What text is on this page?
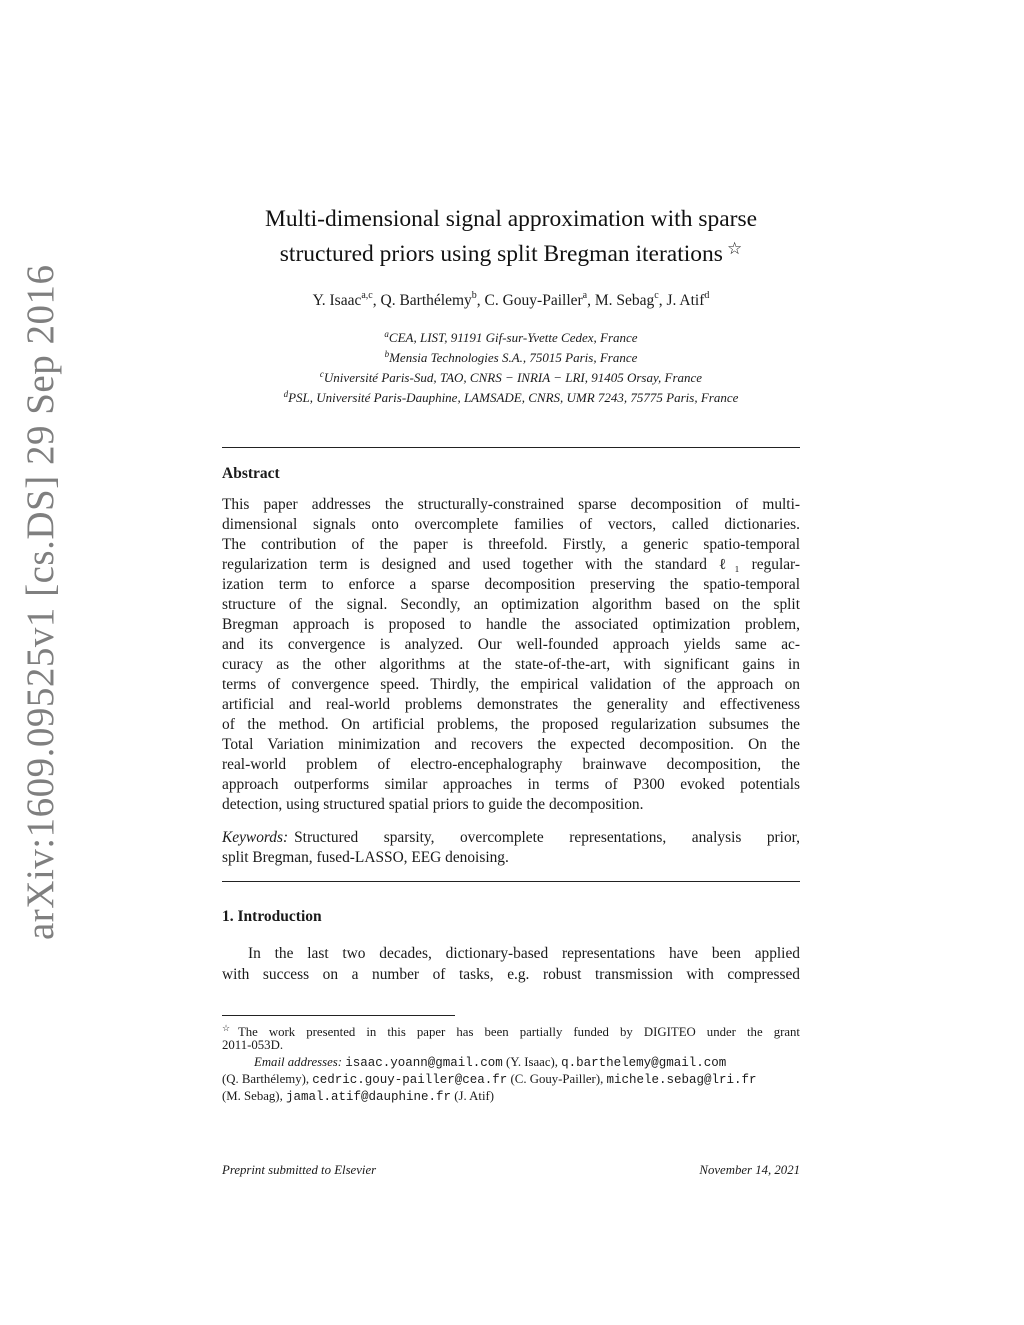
arXiv:1609.09525v1 [cs.DS] 29 Sep 2016
Multi-dimensional signal approximation with sparse
structured priors using split Bregman iterations ☆
Y. Isaac$^{a,c}$, Q. Barthélemy$^b$, C. Gouy-Pailler$^a$, M. Sebag$^c$, J. Atif$^d$
$^a$CEA, LIST, 91191 Gif-sur-Yvette Cedex, France
$^b$Mensia Technologies S.A., 75015 Paris, France
$^c$Université Paris-Sud, TAO, CNRS − INRIA − LRI, 91405 Orsay, France
$^d$PSL, Université Paris-Dauphine, LAMSADE, CNRS, UMR 7243, 75775 Paris, France
Abstract
This paper addresses the structurally-constrained sparse decomposition of multi-
dimensional signals onto overcomplete families of vectors, called dictionaries.
The contribution of the paper is threefold. Firstly, a generic spatio-temporal
regularization term is designed and used together with the standard ℓ₁ regular-
ization term to enforce a sparse decomposition preserving the spatio-temporal
structure of the signal. Secondly, an optimization algorithm based on the split
Bregman approach is proposed to handle the associated optimization problem,
and its convergence is analyzed. Our well-founded approach yields same ac-
curacy as the other algorithms at the state-of-the-art, with significant gains in
terms of convergence speed. Thirdly, the empirical validation of the approach on
artificial and real-world problems demonstrates the generality and effectiveness
of the method. On artificial problems, the proposed regularization subsumes the
Total Variation minimization and recovers the expected decomposition. On the
real-world problem of electro-encephalography brainwave decomposition, the
approach outperforms similar approaches in terms of P300 evoked potentials
detection, using structured spatial priors to guide the decomposition.
Keywords: Structured sparsity, overcomplete representations, analysis prior,
split Bregman, fused-LASSO, EEG denoising.
1. Introduction
In the last two decades, dictionary-based representations have been applied
with success on a number of tasks, e.g. robust transmission with compressed
☆The work presented in this paper has been partially funded by DIGITEO under the grant
2011-053D.
Email addresses: isaac.yoann@gmail.com (Y. Isaac), q.barthelemy@gmail.com
(Q. Barthélemy), cedric.gouy-pailler@cea.fr (C. Gouy-Pailler), michele.sebag@lri.fr
(M. Sebag), jamal.atif@dauphine.fr (J. Atif)
Preprint submitted to Elsevier	November 14, 2021
